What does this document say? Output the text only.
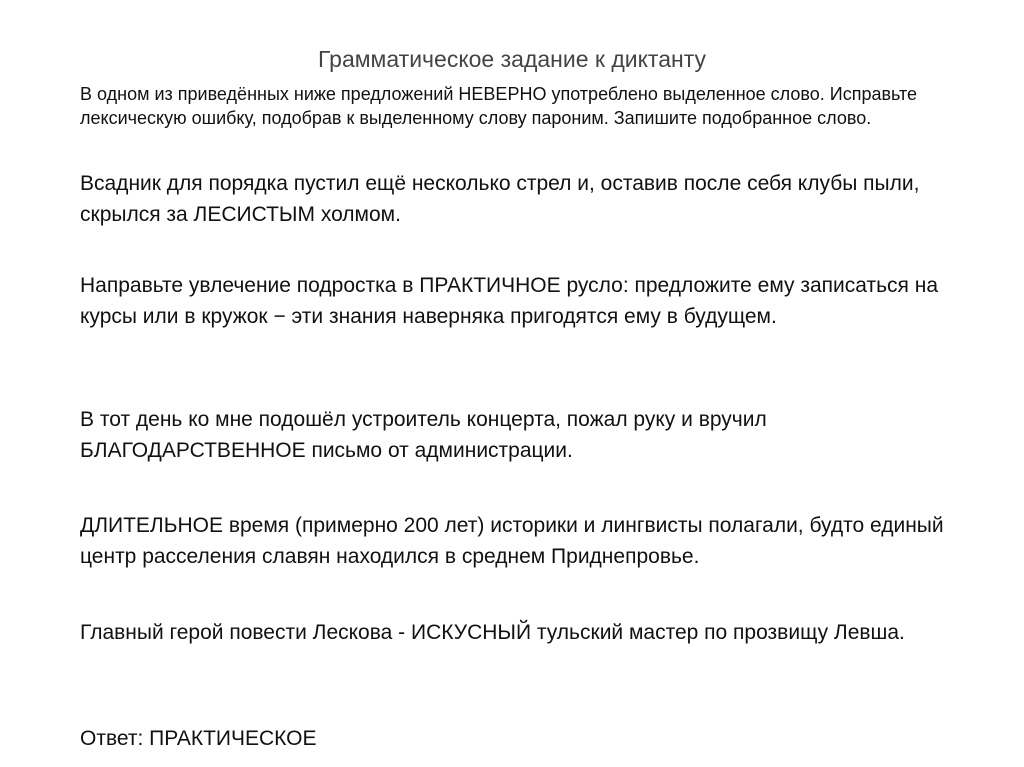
Грамматическое задание к диктанту
В одном из приведённых ниже предложений НЕВЕРНО употреблено выделенное слово. Исправьте лексическую ошибку, подобрав к выделенному слову пароним. Запишите подобранное слово.
Всадник для порядка пустил ещё несколько стрел и, оставив после себя клубы пыли, скрылся за ЛЕСИСТЫМ холмом.
Направьте увлечение подростка в ПРАКТИЧНОЕ русло: предложите ему записаться на курсы или в кружок − эти знания наверняка пригодятся ему в будущем.
В тот день ко мне подошёл устроитель концерта, пожал руку и вручил БЛАГОДАРСТВЕННОЕ письмо от администрации.
ДЛИТЕЛЬНОЕ время (примерно 200 лет) историки и лингвисты полагали, будто единый центр расселения славян находился в среднем Приднепровье.
Главный герой повести Лескова - ИСКУСНЫЙ тульский мастер по прозвищу Левша.
Ответ: ПРАКТИЧЕСКОЕ
